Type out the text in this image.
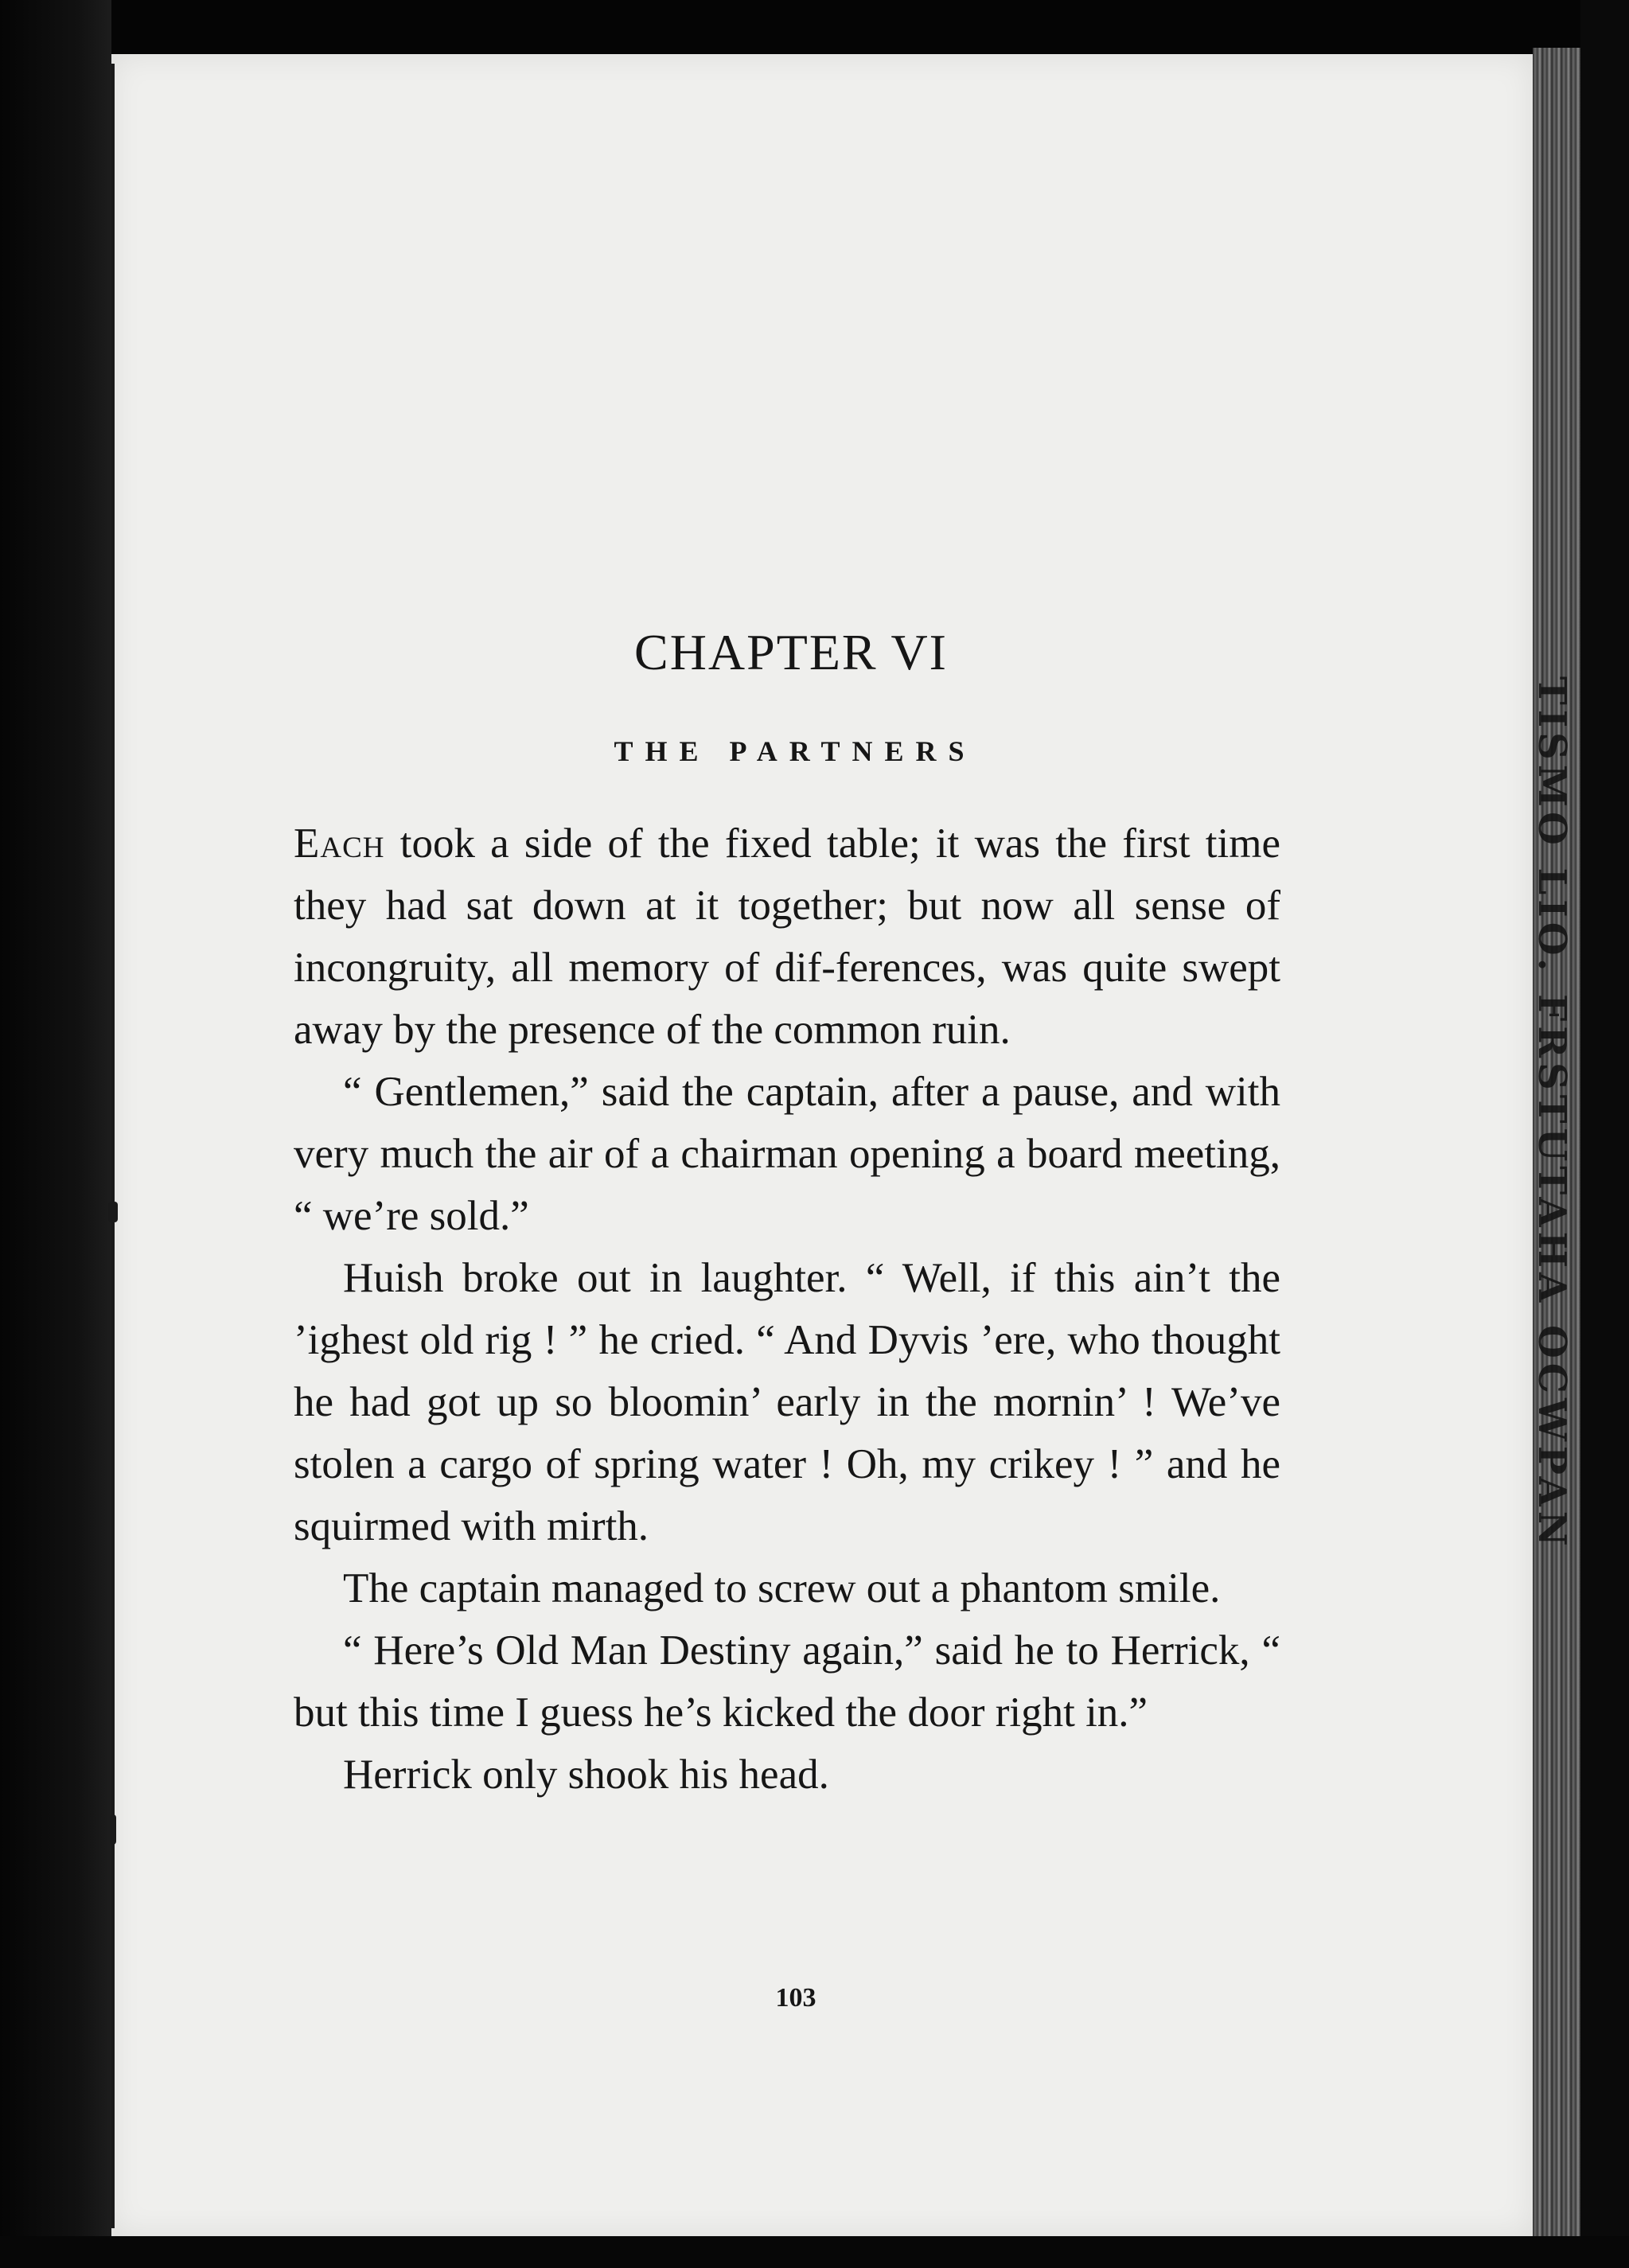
TISMO LIO. FRSTUTAHA OCWPAN
CHAPTER VI
THE PARTNERS

Each took a side of the fixed table; it was the first time they had sat down at it together; but now all sense of incongruity, all memory of dif-ferences, was quite swept away by the presence of the common ruin.

“ Gentlemen,” said the captain, after a pause, and with very much the air of a chairman opening a board meeting, “ we’re sold.”

Huish broke out in laughter. “ Well, if this ain’t the ’ighest old rig ! ” he cried. “ And Dyvis ’ere, who thought he had got up so bloomin’ early in the mornin’ ! We’ve stolen a cargo of spring water ! Oh, my crikey ! ” and he squirmed with mirth.

The captain managed to screw out a phantom smile.

“ Here’s Old Man Destiny again,” said he to Herrick, “ but this time I guess he’s kicked the door right in.”

Herrick only shook his head.

103
